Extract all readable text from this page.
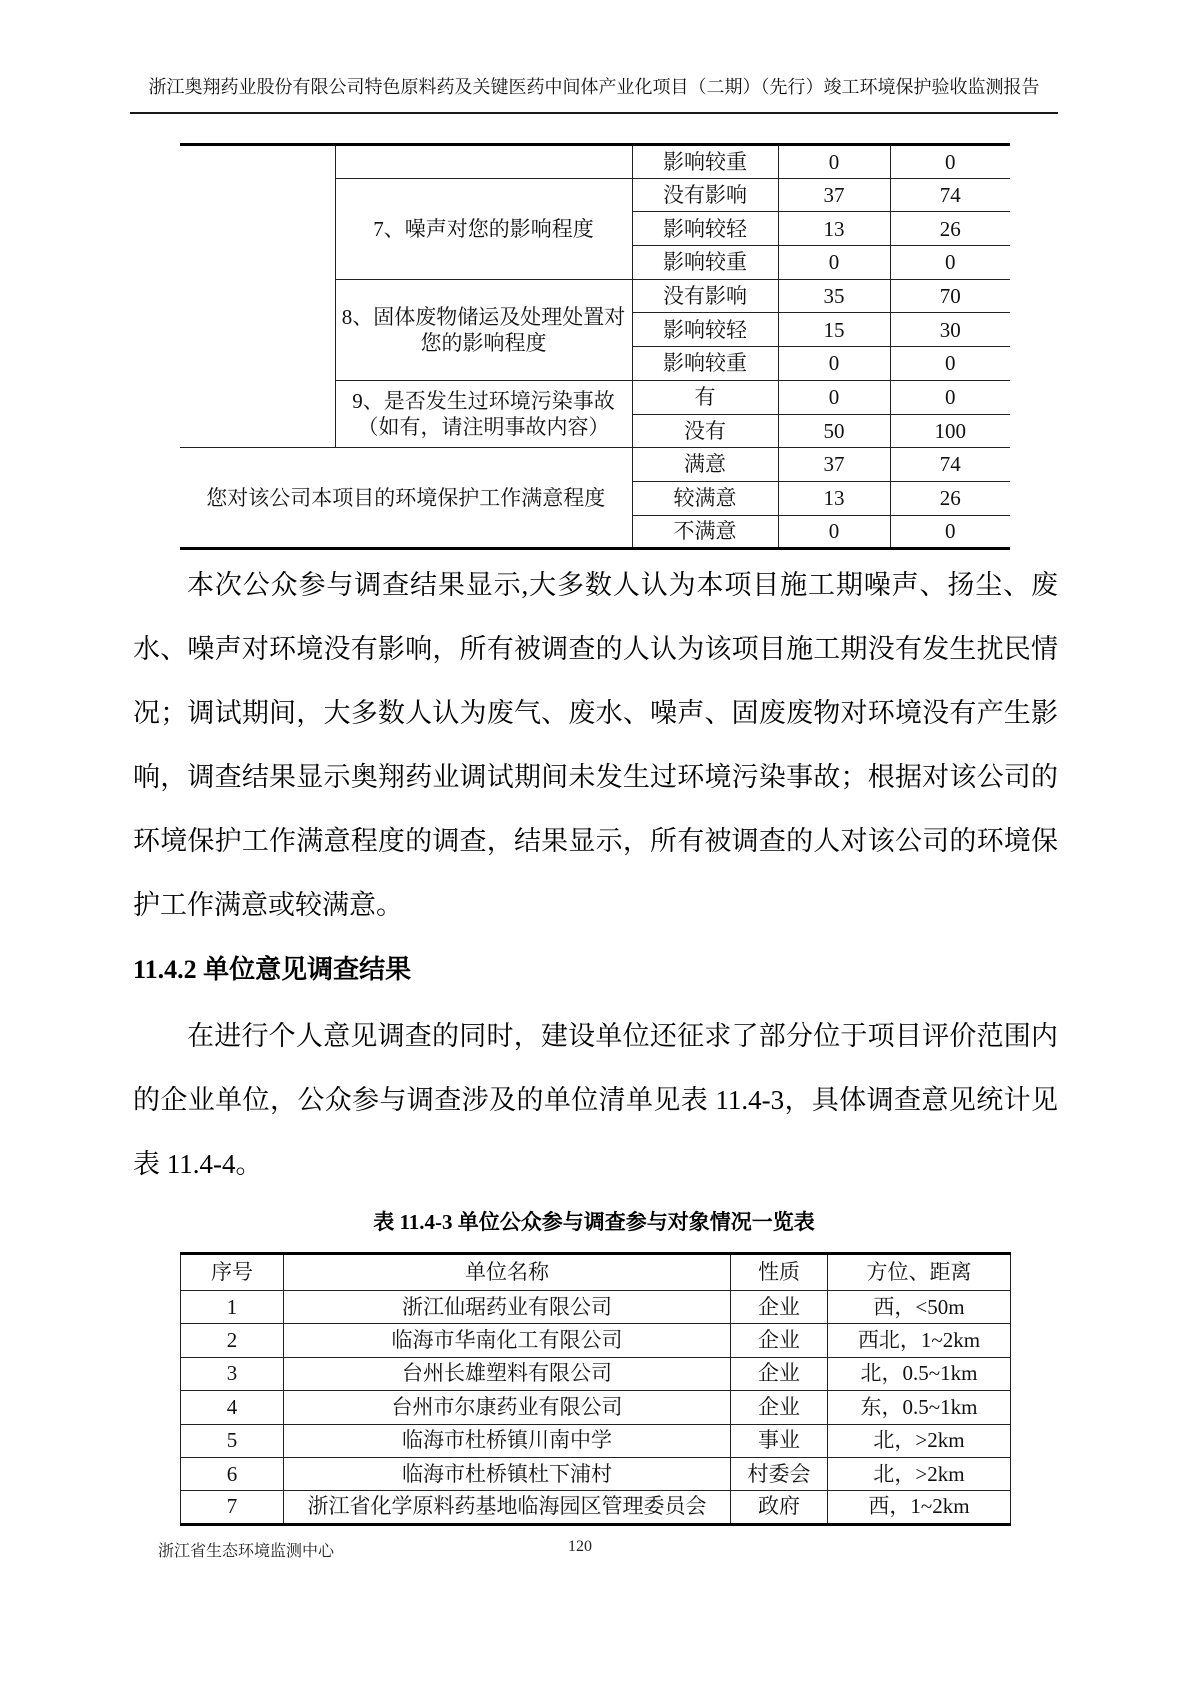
浙江奥翔药业股份有限公司特色原料药及关键医药中间体产业化项目（二期）（先行）竣工环境保护验收监测报告
		影响较重	0	0
	7、噪声对您的影响程度	没有影响	37	74
		影响较轻	13	26
		影响较重	0	0
	8、固体废物储运及处理处置对您的影响程度	没有影响	35	70
		影响较轻	15	30
		影响较重	0	0
	9、是否发生过环境污染事故（如有，请注明事故内容）	有	0	0
		没有	50	100
您对该公司本项目的环境保护工作满意程度		满意	37	74
		较满意	13	26
		不满意	0	0
本次公众参与调查结果显示,大多数人认为本项目施工期噪声、扬尘、废水、噪声对环境没有影响，所有被调查的人认为该项目施工期没有发生扰民情况；调试期间，大多数人认为废气、废水、噪声、固废废物对环境没有产生影响，调查结果显示奥翔药业调试期间未发生过环境污染事故；根据对该公司的环境保护工作满意程度的调查，结果显示，所有被调查的人对该公司的环境保护工作满意或较满意。
11.4.2 单位意见调查结果
在进行个人意见调查的同时，建设单位还征求了部分位于项目评价范围内的企业单位，公众参与调查涉及的单位清单见表 11.4-3，具体调查意见统计见表 11.4-4。
表 11.4-3 单位公众参与调查参与对象情况一览表
序号	单位名称	性质	方位、距离
1	浙江仙琚药业有限公司	企业	西，<50m
2	临海市华南化工有限公司	企业	西北，1~2km
3	台州长雄塑料有限公司	企业	北，0.5~1km
4	台州市尔康药业有限公司	企业	东，0.5~1km
5	临海市杜桥镇川南中学	事业	北，>2km
6	临海市杜桥镇杜下浦村	村委会	北，>2km
7	浙江省化学原料药基地临海园区管理委员会	政府	西，1~2km
浙江省生态环境监测中心	120
